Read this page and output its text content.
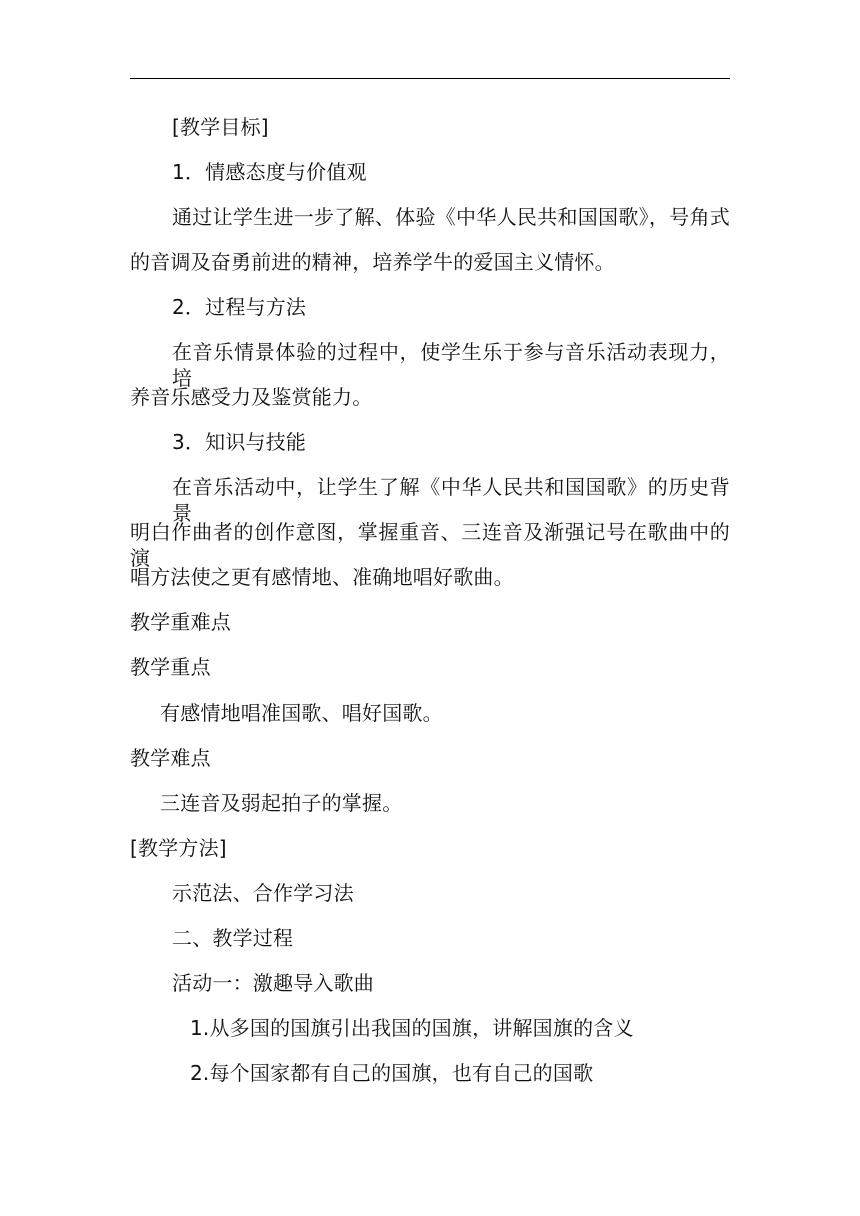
[教学目标]
1．情感态度与价值观
通过让学生进一步了解、体验《中华人民共和国国歌》，号角式
的音调及奋勇前进的精神，培养学牛的爱国主义情怀。
2．过程与方法
在音乐情景体验的过程中，使学生乐于参与音乐活动表现力，培
养音乐感受力及鉴赏能力。
3．知识与技能
在音乐活动中，让学生了解《中华人民共和国国歌》的历史背景
明白作曲者的创作意图，掌握重音、三连音及渐强记号在歌曲中的演
唱方法使之更有感情地、准确地唱好歌曲。
教学重难点
教学重点
有感情地唱准国歌、唱好国歌。
教学难点
三连音及弱起拍子的掌握。
[教学方法]
示范法、合作学习法
二、教学过程
活动一：激趣导入歌曲
1.从多国的国旗引出我国的国旗，讲解国旗的含义
2.每个国家都有自己的国旗，也有自己的国歌
